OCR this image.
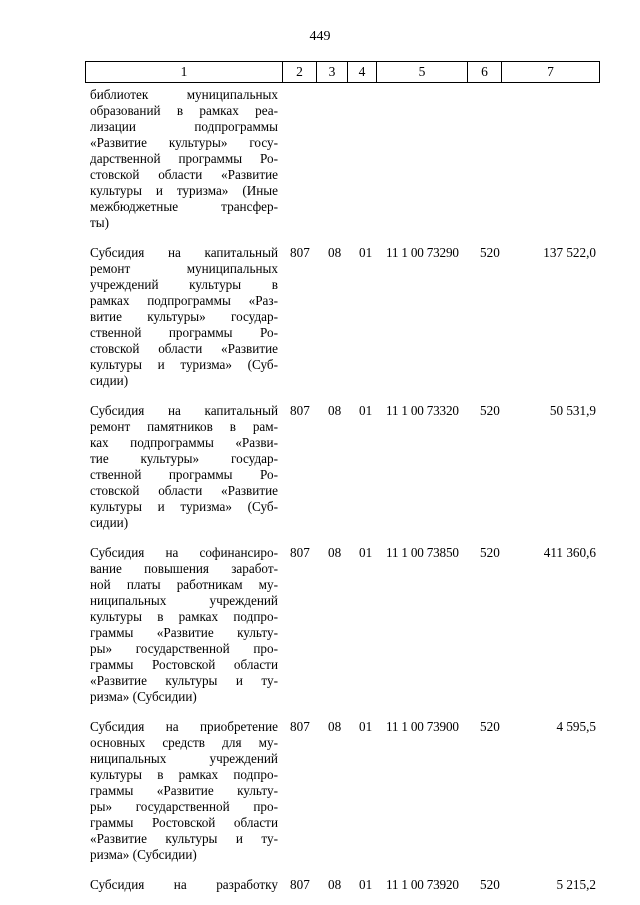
449
1	2	3	4	5	6	7
библиотек муниципальных
образований в рамках реа-
лизации подпрограммы
«Развитие культуры» госу-
дарственной программы Ро-
стовской области «Развитие
культуры и туризма» (Иные
межбюджетные трансфер-
ты)
Субсидия на капитальный
ремонт муниципальных
учреждений культуры в
рамках подпрограммы «Раз-
витие культуры» государ-
ственной программы Ро-
стовской области «Развитие
культуры и туризма» (Суб-
сидии)
807	08	01	11 1 00 73290	520	137 522,0
Субсидия на капитальный
ремонт памятников в рам-
ках подпрограммы «Разви-
тие культуры» государ-
ственной программы Ро-
стовской области «Развитие
культуры и туризма» (Суб-
сидии)
807	08	01	11 1 00 73320	520	50 531,9
Субсидия на софинансиро-
вание повышения заработ-
ной платы работникам му-
ниципальных учреждений
культуры в рамках подпро-
граммы «Развитие культу-
ры» государственной про-
граммы Ростовской области
«Развитие культуры и ту-
ризма» (Субсидии)
807	08	01	11 1 00 73850	520	411 360,6
Субсидия на приобретение
основных средств для му-
ниципальных учреждений
культуры в рамках подпро-
граммы «Развитие культу-
ры» государственной про-
граммы Ростовской области
«Развитие культуры и ту-
ризма» (Субсидии)
807	08	01	11 1 00 73900	520	4 595,5
Субсидия на разработку 807	08	01	11 1 00 73920	520	5 215,2
